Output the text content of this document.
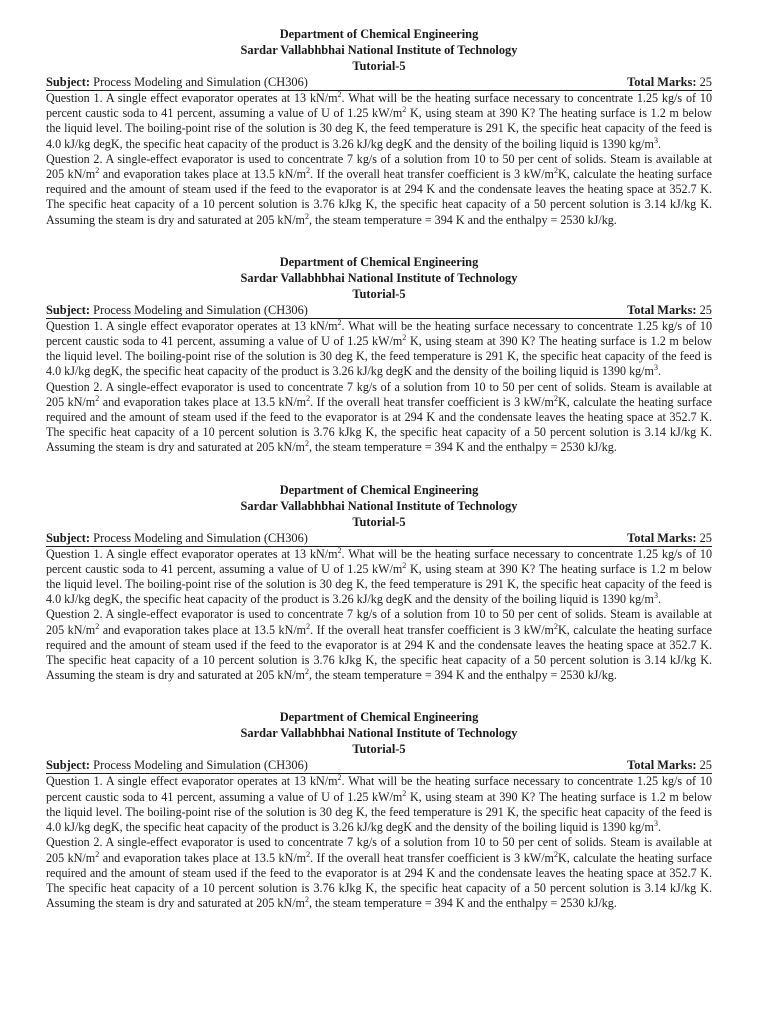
Department of Chemical Engineering
Sardar Vallabhbhai National Institute of Technology
Tutorial-5
Subject: Process Modeling and Simulation (CH306)	Total Marks: 25
Question 1. A single effect evaporator operates at 13 $kN/m^2$. What will be the heating surface necessary to concentrate 1.25 kg/s of 10 percent caustic soda to 41 percent, assuming a value of U of 1.25 $kW/m^2$ K, using steam at 390 K? The heating surface is 1.2 m below the liquid level. The boiling-point rise of the solution is 30 deg K, the feed temperature is 291 K, the specific heat capacity of the feed is 4.0 kJ/kg degK, the specific heat capacity of the product is 3.26 kJ/kg degK and the density of the boiling liquid is 1390 $kg/m^3$.
Question 2. A single-effect evaporator is used to concentrate 7 kg/s of a solution from 10 to 50 per cent of solids. Steam is available at 205 $kN/m^2$ and evaporation takes place at 13.5 $kN/m^2$. If the overall heat transfer coefficient is 3 $kW/m^2K$, calculate the heating surface required and the amount of steam used if the feed to the evaporator is at 294 K and the condensate leaves the heating space at 352.7 K. The specific heat capacity of a 10 percent solution is 3.76 kJkg K, the specific heat capacity of a 50 percent solution is 3.14 kJ/kg K. Assuming the steam is dry and saturated at 205 $kN/m^2$, the steam temperature = 394 K and the enthalpy = 2530 kJ/kg.
Department of Chemical Engineering
Sardar Vallabhbhai National Institute of Technology
Tutorial-5
Subject: Process Modeling and Simulation (CH306)	Total Marks: 25
Question 1. A single effect evaporator operates at 13 $kN/m^2$. What will be the heating surface necessary to concentrate 1.25 kg/s of 10 percent caustic soda to 41 percent, assuming a value of U of 1.25 $kW/m^2$ K, using steam at 390 K? The heating surface is 1.2 m below the liquid level. The boiling-point rise of the solution is 30 deg K, the feed temperature is 291 K, the specific heat capacity of the feed is 4.0 kJ/kg degK, the specific heat capacity of the product is 3.26 kJ/kg degK and the density of the boiling liquid is 1390 $kg/m^3$.
Question 2. A single-effect evaporator is used to concentrate 7 kg/s of a solution from 10 to 50 per cent of solids. Steam is available at 205 $kN/m^2$ and evaporation takes place at 13.5 $kN/m^2$. If the overall heat transfer coefficient is 3 $kW/m^2K$, calculate the heating surface required and the amount of steam used if the feed to the evaporator is at 294 K and the condensate leaves the heating space at 352.7 K. The specific heat capacity of a 10 percent solution is 3.76 kJkg K, the specific heat capacity of a 50 percent solution is 3.14 kJ/kg K. Assuming the steam is dry and saturated at 205 $kN/m^2$, the steam temperature = 394 K and the enthalpy = 2530 kJ/kg.
Department of Chemical Engineering
Sardar Vallabhbhai National Institute of Technology
Tutorial-5
Subject: Process Modeling and Simulation (CH306)	Total Marks: 25
Question 1. A single effect evaporator operates at 13 $kN/m^2$. What will be the heating surface necessary to concentrate 1.25 kg/s of 10 percent caustic soda to 41 percent, assuming a value of U of 1.25 $kW/m^2$ K, using steam at 390 K? The heating surface is 1.2 m below the liquid level. The boiling-point rise of the solution is 30 deg K, the feed temperature is 291 K, the specific heat capacity of the feed is 4.0 kJ/kg degK, the specific heat capacity of the product is 3.26 kJ/kg degK and the density of the boiling liquid is 1390 $kg/m^3$.
Question 2. A single-effect evaporator is used to concentrate 7 kg/s of a solution from 10 to 50 per cent of solids. Steam is available at 205 $kN/m^2$ and evaporation takes place at 13.5 $kN/m^2$. If the overall heat transfer coefficient is 3 $kW/m^2K$, calculate the heating surface required and the amount of steam used if the feed to the evaporator is at 294 K and the condensate leaves the heating space at 352.7 K. The specific heat capacity of a 10 percent solution is 3.76 kJkg K, the specific heat capacity of a 50 percent solution is 3.14 kJ/kg K. Assuming the steam is dry and saturated at 205 $kN/m^2$, the steam temperature = 394 K and the enthalpy = 2530 kJ/kg.
Department of Chemical Engineering
Sardar Vallabhbhai National Institute of Technology
Tutorial-5
Subject: Process Modeling and Simulation (CH306)	Total Marks: 25
Question 1. A single effect evaporator operates at 13 $kN/m^2$. What will be the heating surface necessary to concentrate 1.25 kg/s of 10 percent caustic soda to 41 percent, assuming a value of U of 1.25 $kW/m^2$ K, using steam at 390 K? The heating surface is 1.2 m below the liquid level. The boiling-point rise of the solution is 30 deg K, the feed temperature is 291 K, the specific heat capacity of the feed is 4.0 kJ/kg degK, the specific heat capacity of the product is 3.26 kJ/kg degK and the density of the boiling liquid is 1390 $kg/m^3$.
Question 2. A single-effect evaporator is used to concentrate 7 kg/s of a solution from 10 to 50 per cent of solids. Steam is available at 205 $kN/m^2$ and evaporation takes place at 13.5 $kN/m^2$. If the overall heat transfer coefficient is 3 $kW/m^2K$, calculate the heating surface required and the amount of steam used if the feed to the evaporator is at 294 K and the condensate leaves the heating space at 352.7 K. The specific heat capacity of a 10 percent solution is 3.76 kJkg K, the specific heat capacity of a 50 percent solution is 3.14 kJ/kg K. Assuming the steam is dry and saturated at 205 $kN/m^2$, the steam temperature = 394 K and the enthalpy = 2530 kJ/kg.
